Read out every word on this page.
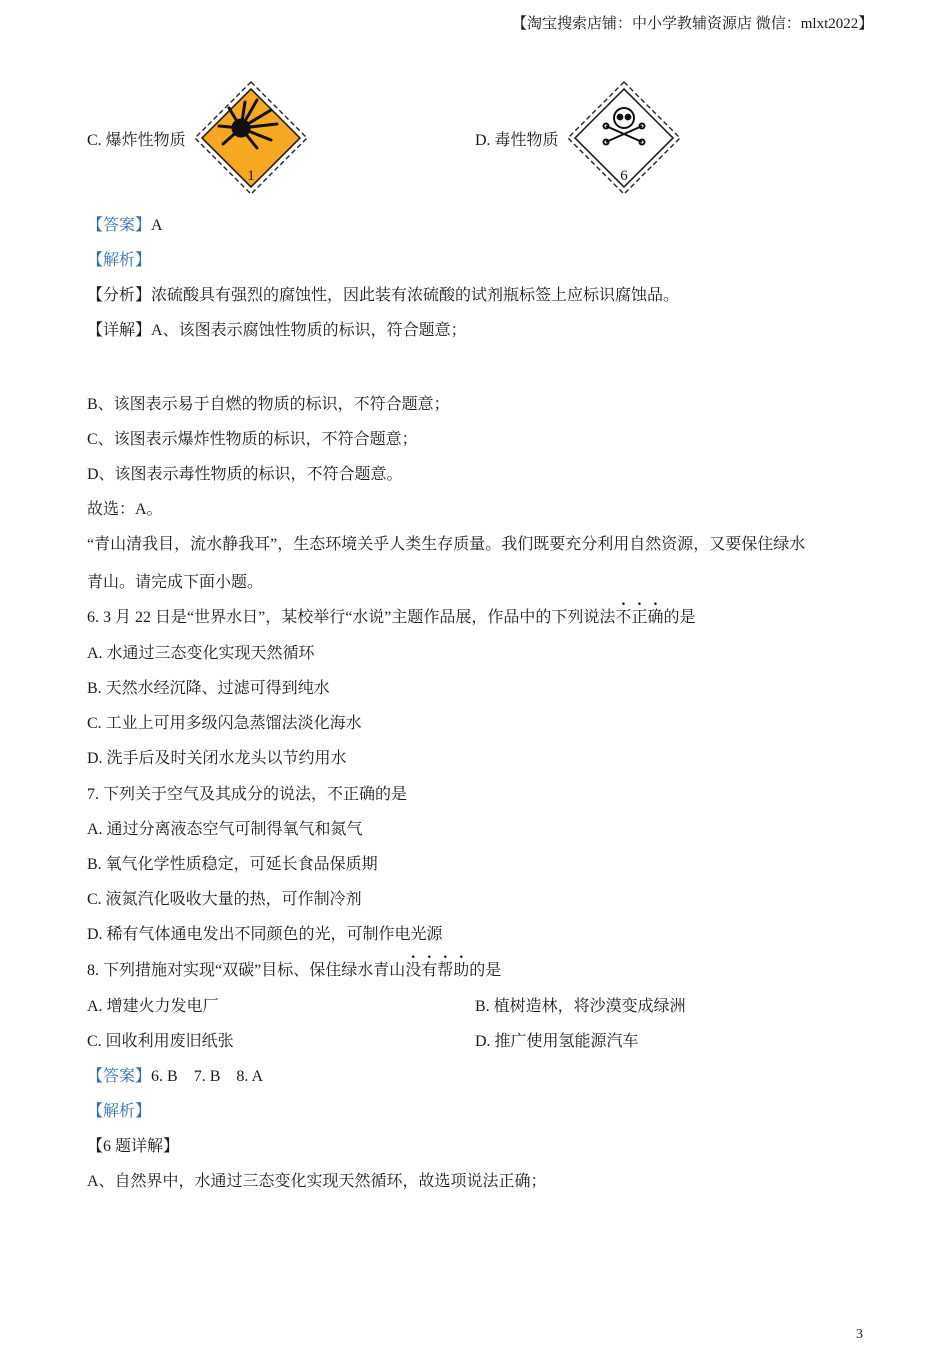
【淘宝搜索店铺：中小学教辅资源店 微信：mlxt2022】
C. 爆炸性物质
1
D. 毒性物质
6
【答案】A
【解析】
【分析】浓硫酸具有强烈的腐蚀性，因此装有浓硫酸的试剂瓶标签上应标识腐蚀品。
【详解】A、该图表示腐蚀性物质的标识，符合题意；
B、该图表示易于自燃的物质的标识，不符合题意；
C、该图表示爆炸性物质的标识，不符合题意；
D、该图表示毒性物质的标识，不符合题意。
故选：A。
“青山清我目，流水静我耳”，生态环境关乎人类生存质量。我们既要充分利用自然资源，又要保住绿水
青山。请完成下面小题。
6. 3 月 22 日是“世界水日”，某校举行“水说”主题作品展，作品中的下列说法不正确的是
A. 水通过三态变化实现天然循环
B. 天然水经沉降、过滤可得到纯水
C. 工业上可用多级闪急蒸馏法淡化海水
D. 洗手后及时关闭水龙头以节约用水
7. 下列关于空气及其成分的说法，不正确的是
A. 通过分离液态空气可制得氧气和氮气
B. 氧气化学性质稳定，可延长食品保质期
C. 液氮汽化吸收大量的热，可作制冷剂
D. 稀有气体通电发出不同颜色的光，可制作电光源
8. 下列措施对实现“双碳”目标、保住绿水青山没有帮助的是
A. 增建火力发电厂	B. 植树造林，将沙漠变成绿洲
C. 回收利用废旧纸张	D. 推广使用氢能源汽车
【答案】6. B    7. B    8. A
【解析】
【6 题详解】
A、自然界中，水通过三态变化实现天然循环，故选项说法正确；
3
